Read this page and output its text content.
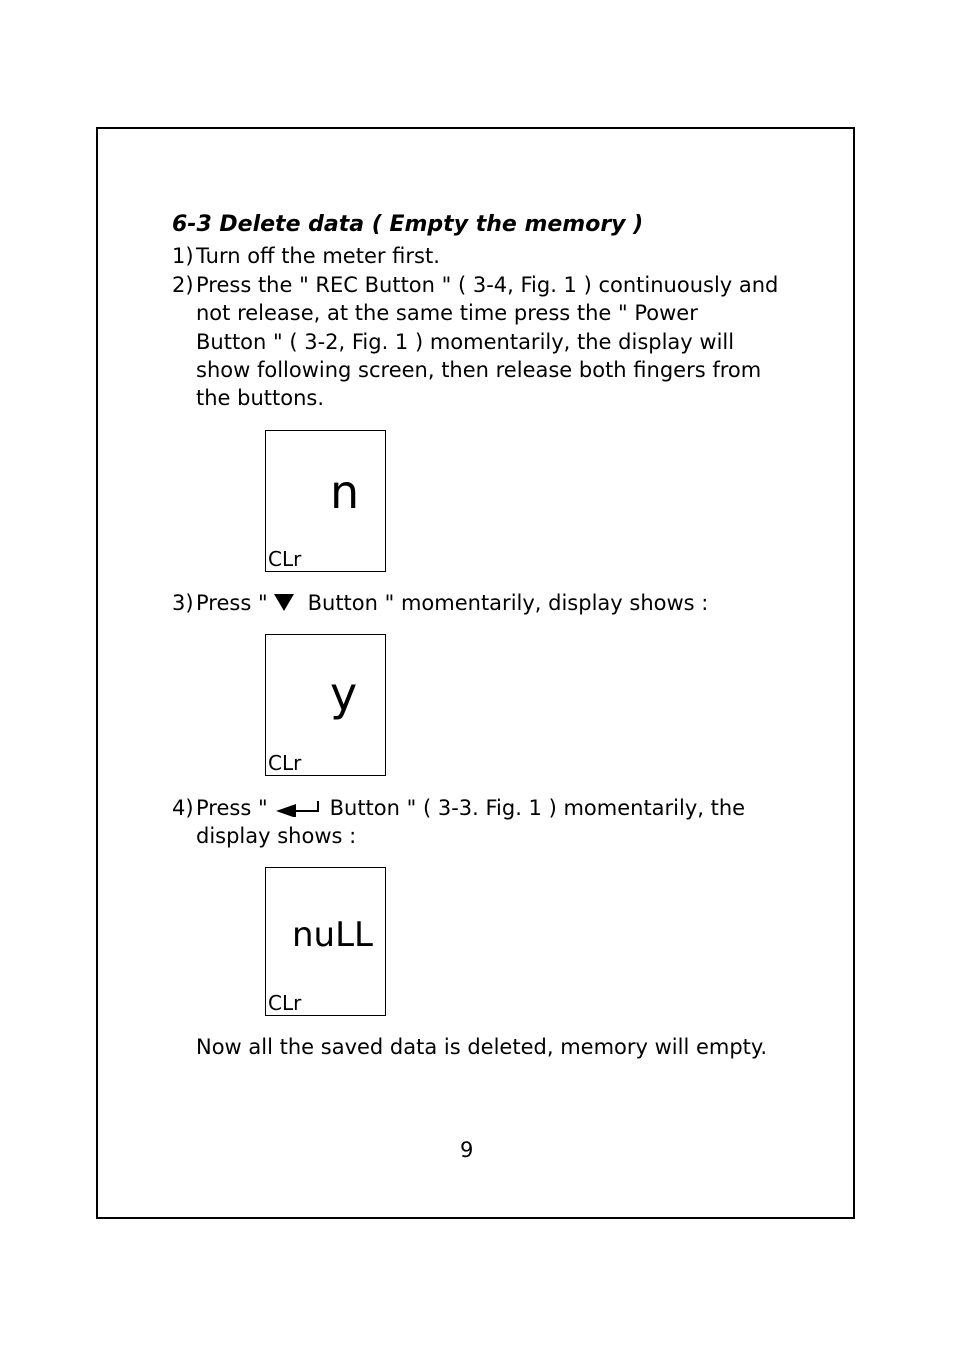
6-3 Delete data ( Empty the memory )
1) Turn off the meter first.
2) Press the " REC Button " ( 3-4, Fig. 1 ) continuously and
not release, at the same time press the " Power
Button " ( 3-2, Fig. 1 ) momentarily, the display will
show following screen, then release both fingers from
the buttons.
n
CLr
3) Press " Button " momentarily, display shows :
y
CLr
4) Press "	Button " ( 3-3. Fig. 1 ) momentarily, the
display shows :
nuLL
CLr
Now all the saved data is deleted, memory will empty.
9
